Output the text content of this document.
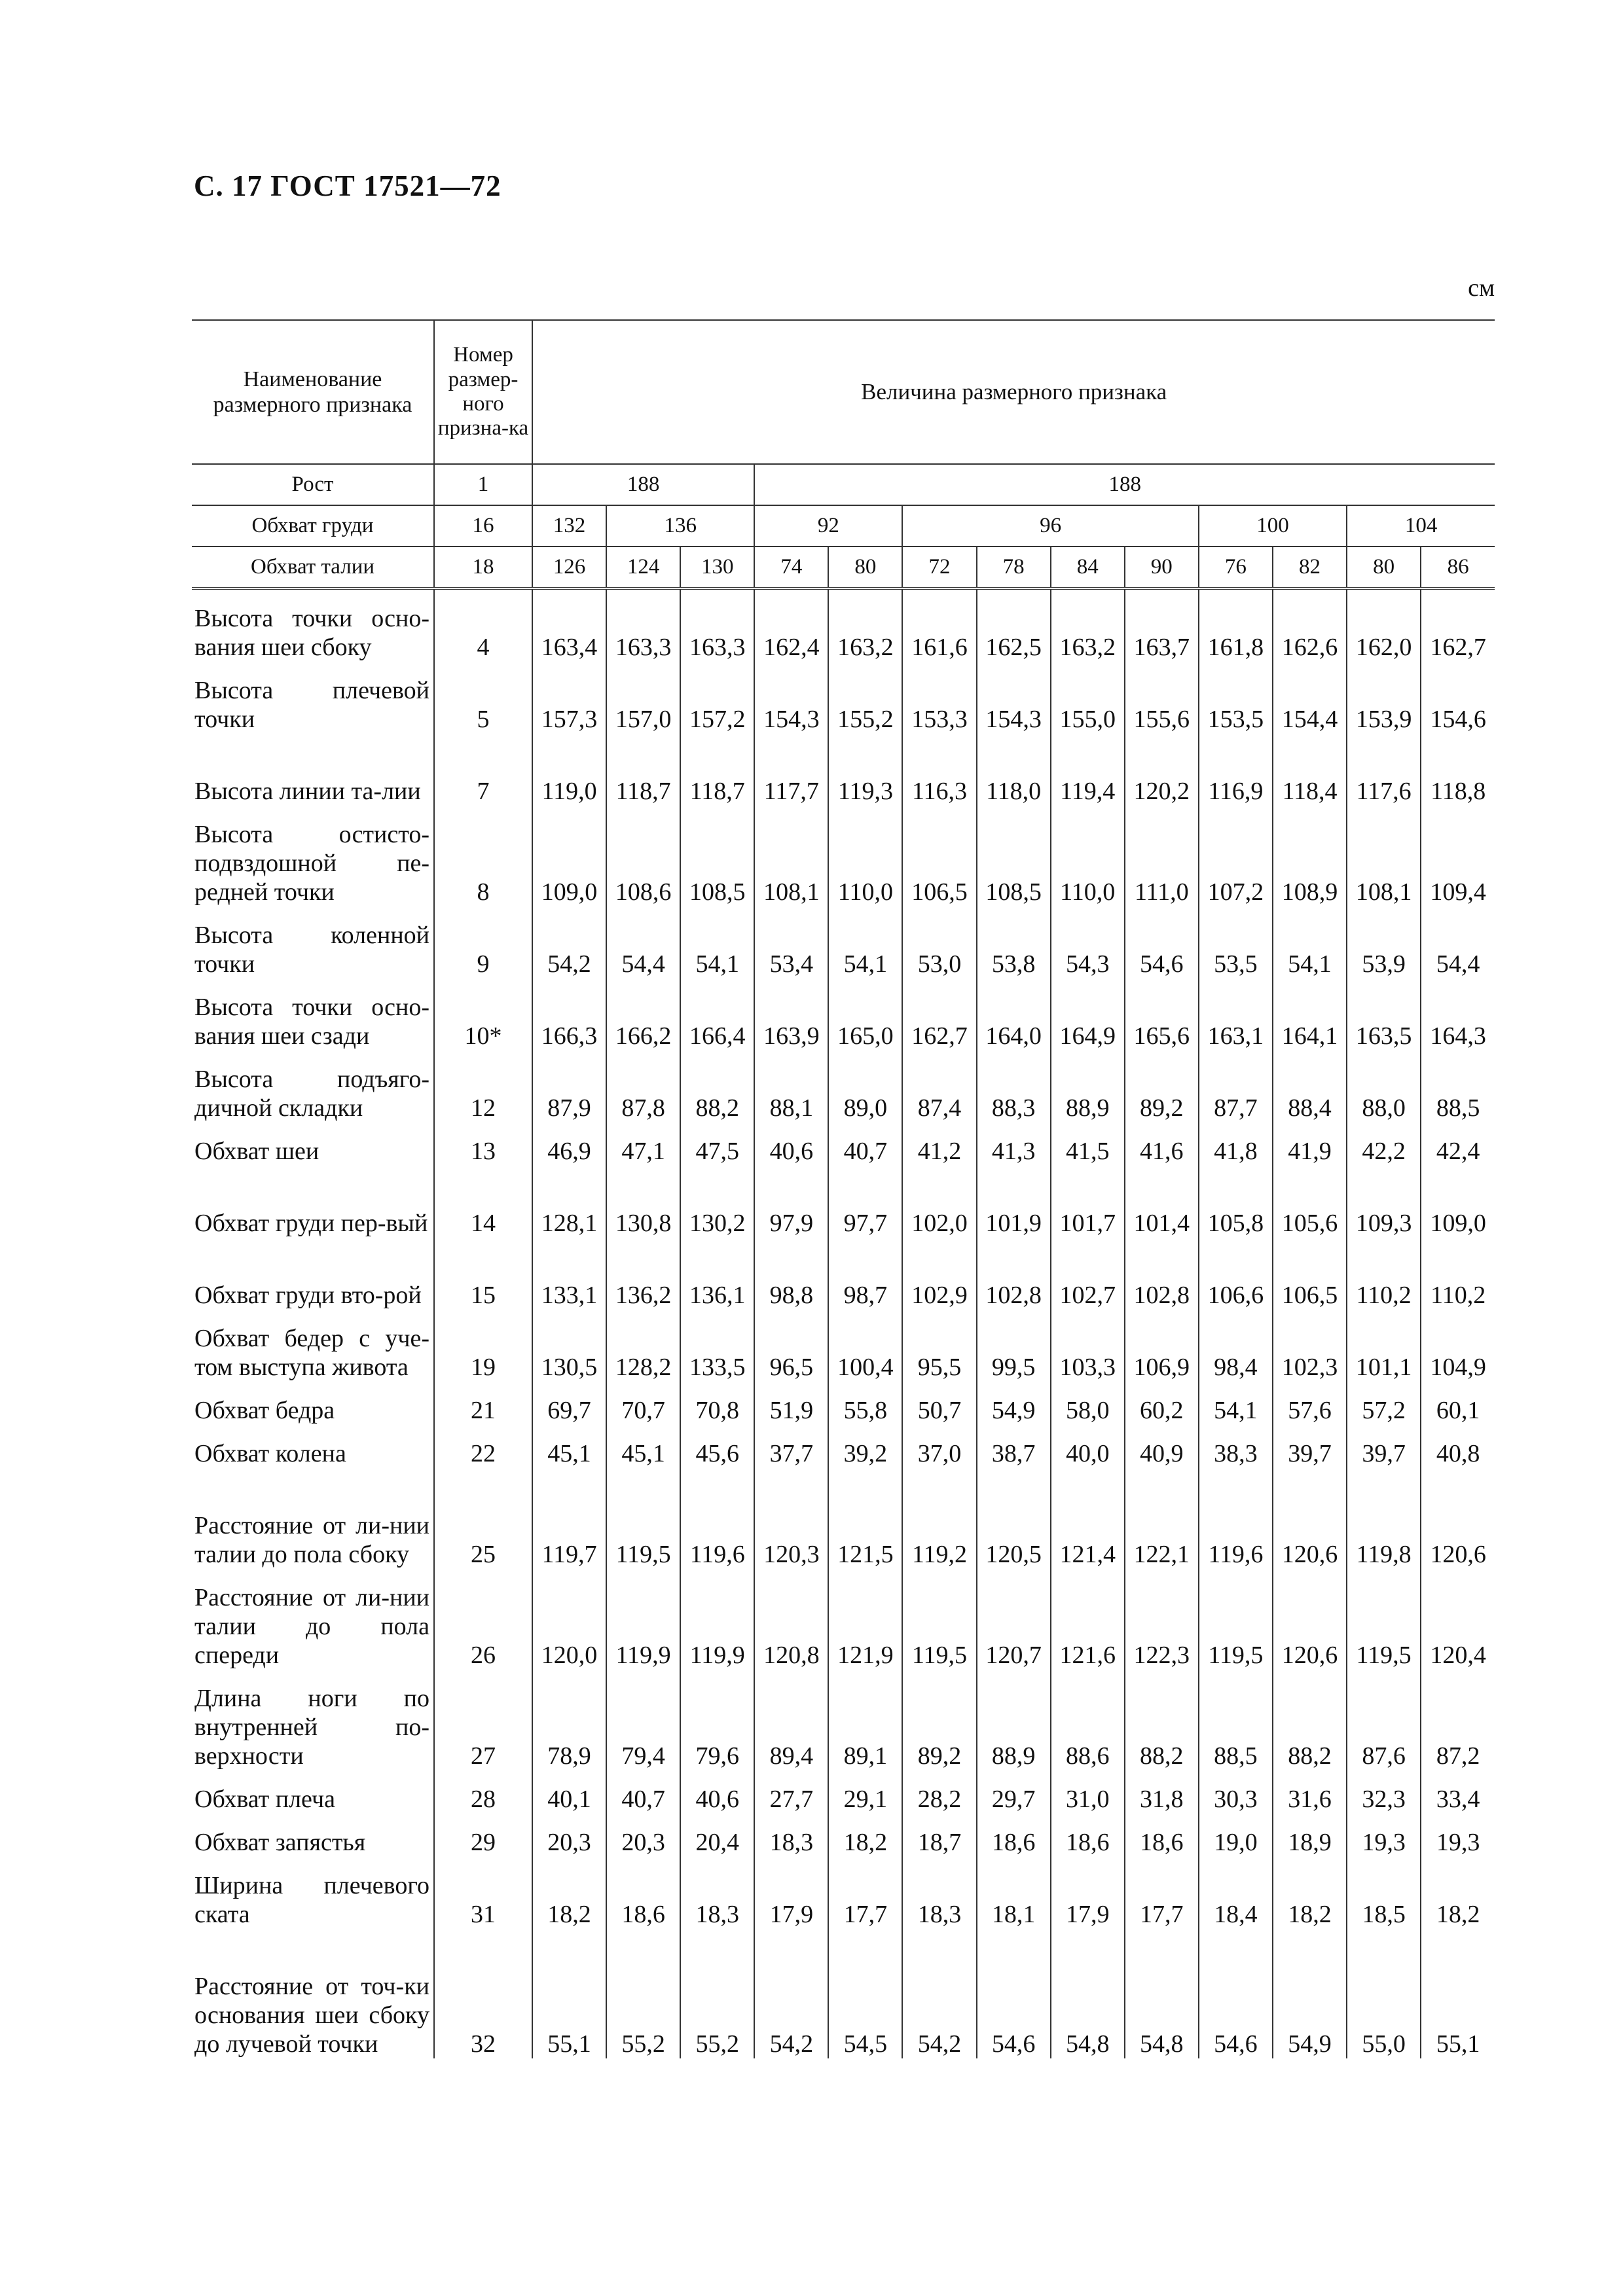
С. 17 ГОСТ 17521—72
см
Наименование размерного признака	Номер размер-ного призна-ка	Величина размерного признака												
Рост	1	188			188									
Обхват груди	16	132	136		92		96				100		104	
Обхват талии	18	126	124	130	74	80	72	78	84	90	76	82	80	86
Высота точки осно-вания шеи сбоку	4	163,4	163,3	163,3	162,4	163,2	161,6	162,5	163,2	163,7	161,8	162,6	162,0	162,7
Высота плечевой точки	5	157,3	157,0	157,2	154,3	155,2	153,3	154,3	155,0	155,6	153,5	154,4	153,9	154,6
Высота линии та-лии	7	119,0	118,7	118,7	117,7	119,3	116,3	118,0	119,4	120,2	116,9	118,4	117,6	118,8
Высота остисто-подвздошной пе-редней точки	8	109,0	108,6	108,5	108,1	110,0	106,5	108,5	110,0	111,0	107,2	108,9	108,1	109,4
Высота коленной точки	9	54,2	54,4	54,1	53,4	54,1	53,0	53,8	54,3	54,6	53,5	54,1	53,9	54,4
Высота точки осно-вания шеи сзади	10*	166,3	166,2	166,4	163,9	165,0	162,7	164,0	164,9	165,6	163,1	164,1	163,5	164,3
Высота подъяго-дичной складки	12	87,9	87,8	88,2	88,1	89,0	87,4	88,3	88,9	89,2	87,7	88,4	88,0	88,5
Обхват шеи	13	46,9	47,1	47,5	40,6	40,7	41,2	41,3	41,5	41,6	41,8	41,9	42,2	42,4
Обхват груди пер-вый	14	128,1	130,8	130,2	97,9	97,7	102,0	101,9	101,7	101,4	105,8	105,6	109,3	109,0
Обхват груди вто-рой	15	133,1	136,2	136,1	98,8	98,7	102,9	102,8	102,7	102,8	106,6	106,5	110,2	110,2
Обхват бедер с уче-том выступа живота	19	130,5	128,2	133,5	96,5	100,4	95,5	99,5	103,3	106,9	98,4	102,3	101,1	104,9
Обхват бедра	21	69,7	70,7	70,8	51,9	55,8	50,7	54,9	58,0	60,2	54,1	57,6	57,2	60,1
Обхват колена	22	45,1	45,1	45,6	37,7	39,2	37,0	38,7	40,0	40,9	38,3	39,7	39,7	40,8
Расстояние от ли-нии талии до пола сбоку	25	119,7	119,5	119,6	120,3	121,5	119,2	120,5	121,4	122,1	119,6	120,6	119,8	120,6
Расстояние от ли-нии талии до пола спереди	26	120,0	119,9	119,9	120,8	121,9	119,5	120,7	121,6	122,3	119,5	120,6	119,5	120,4
Длина ноги по внутренней по-верхности	27	78,9	79,4	79,6	89,4	89,1	89,2	88,9	88,6	88,2	88,5	88,2	87,6	87,2
Обхват плеча	28	40,1	40,7	40,6	27,7	29,1	28,2	29,7	31,0	31,8	30,3	31,6	32,3	33,4
Обхват запястья	29	20,3	20,3	20,4	18,3	18,2	18,7	18,6	18,6	18,6	19,0	18,9	19,3	19,3
Ширина плечевого ската	31	18,2	18,6	18,3	17,9	17,7	18,3	18,1	17,9	17,7	18,4	18,2	18,5	18,2
Расстояние от точ-ки основания шеи сбоку до лучевой точки	32	55,1	55,2	55,2	54,2	54,5	54,2	54,6	54,8	54,8	54,6	54,9	55,0	55,1
